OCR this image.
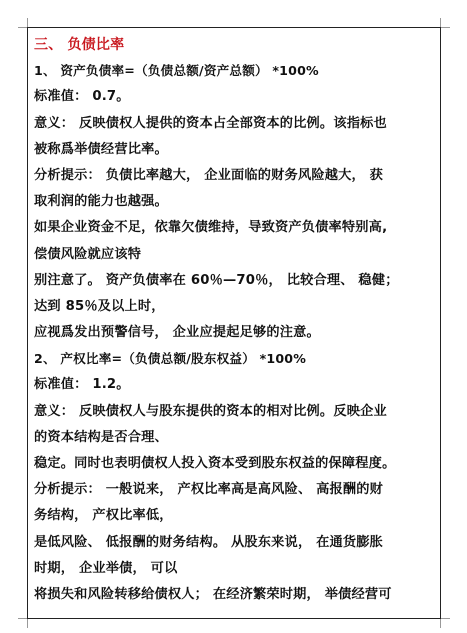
三、 负债比率
1、 资产负债率=（负债总额/资产总额） *100%
标准值： 0.7。
意义： 反映债权人提供的资本占全部资本的比例。该指标也
被称爲举债经营比率。
分析提示： 负债比率越大， 企业面临的财务风险越大， 获
取利润的能力也越强。
如果企业资金不足，依靠欠债维持，导致资产负债率特别高,
偿债风险就应该特
别注意了。 资产负债率在 60％—70％， 比较合理、 稳健；
达到 85％及以上时，
应视爲发出预警信号， 企业应提起足够的注意。
2、 产权比率=（负债总额/股东权益） *100%
标准值： 1.2。
意义： 反映债权人与股东提供的资本的相对比例。反映企业
的资本结构是否合理、
稳定。同时也表明债权人投入资本受到股东权益的保障程度。
分析提示： 一般说来， 产权比率高是高风险、 高报酬的财
务结构， 产权比率低，
是低风险、 低报酬的财务结构。 从股东来说， 在通货膨胀
时期， 企业举债， 可以
将损失和风险转移给债权人； 在经济繁荣时期， 举债经营可
